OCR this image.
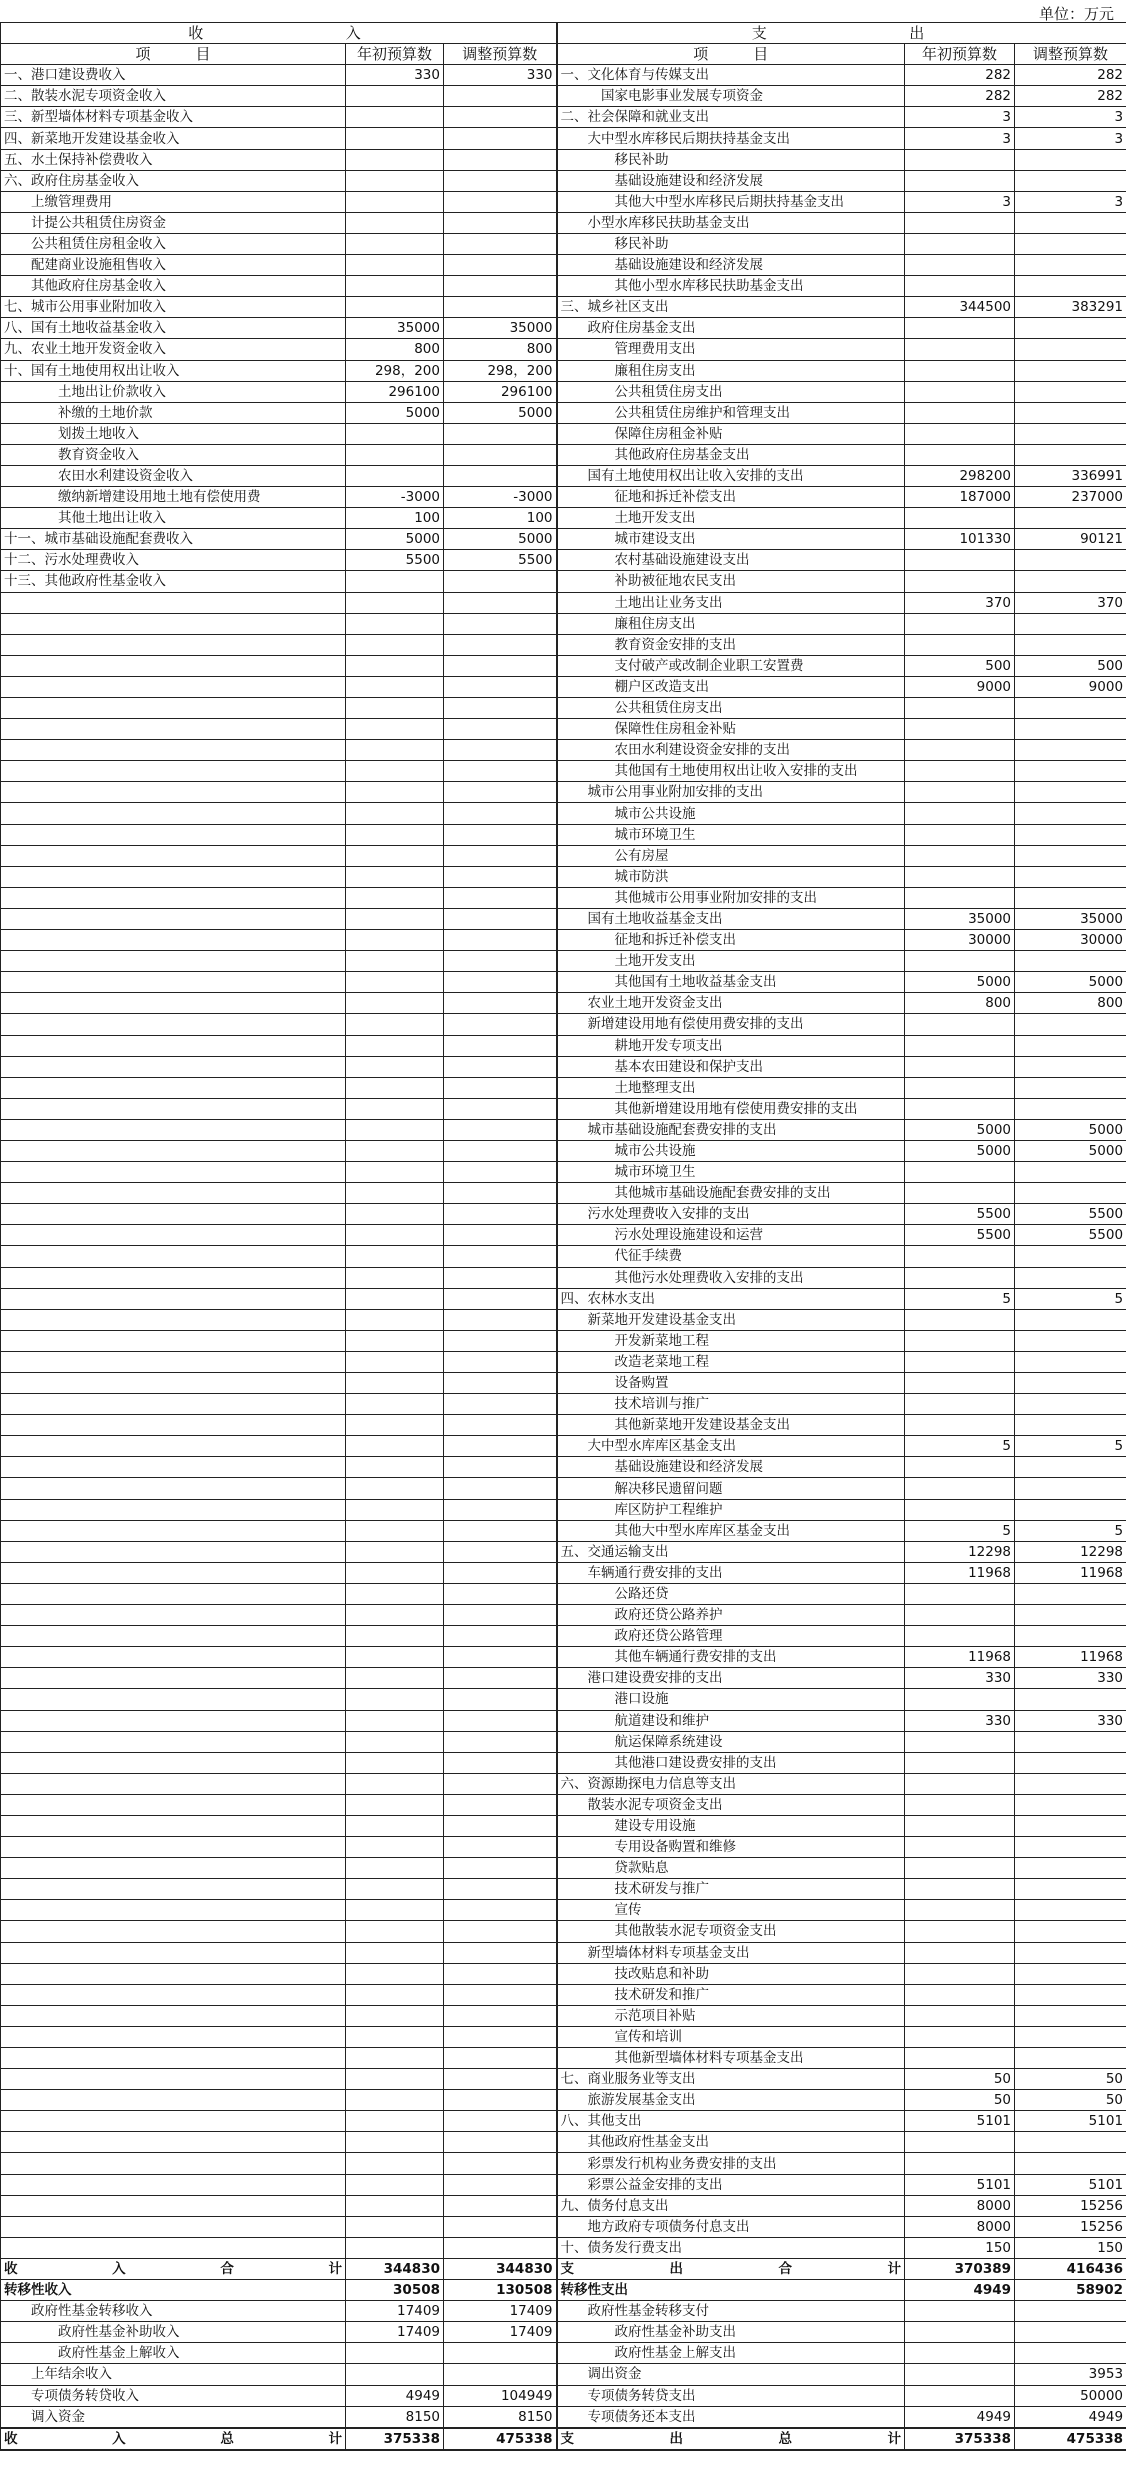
单位：万元
收　　　　　　入			支　　　　　　出		
项　　　目	年初预算数	调整预算数	项　　　目	年初预算数	调整预算数
一、港口建设费收入	330	330	一、文化体育与传媒支出	282	282
二、散装水泥专项资金收入			　　　国家电影事业发展专项资金	282	282
三、新型墙体材料专项基金收入			二、社会保障和就业支出	3	3
四、新菜地开发建设基金收入			　　大中型水库移民后期扶持基金支出	3	3
五、水土保持补偿费收入			　　　　移民补助		
六、政府住房基金收入			　　　　基础设施建设和经济发展		
　　上缴管理费用			　　　　其他大中型水库移民后期扶持基金支出	3	3
　　计提公共租赁住房资金			　　小型水库移民扶助基金支出		
　　公共租赁住房租金收入			　　　　移民补助		
　　配建商业设施租售收入			　　　　基础设施建设和经济发展		
　　其他政府住房基金收入			　　　　其他小型水库移民扶助基金支出		
七、城市公用事业附加收入			三、城乡社区支出	344500	383291
八、国有土地收益基金收入	35000	35000	　　政府住房基金支出		
九、农业土地开发资金收入	800	800	　　　　管理费用支出		
十、国有土地使用权出让收入	298，200	298，200	　　　　廉租住房支出		
　　　　土地出让价款收入	296100	296100	　　　　公共租赁住房支出		
　　　　补缴的土地价款	5000	5000	　　　　公共租赁住房维护和管理支出		
　　　　划拨土地收入			　　　　保障住房租金补贴		
　　　　教育资金收入			　　　　其他政府住房基金支出		
　　　　农田水利建设资金收入			　　国有土地使用权出让收入安排的支出	298200	336991
　　　　缴纳新增建设用地土地有偿使用费	-3000	-3000	　　　　征地和拆迁补偿支出	187000	237000
　　　　其他土地出让收入	100	100	　　　　土地开发支出		
十一、城市基础设施配套费收入	5000	5000	　　　　城市建设支出	101330	90121
十二、污水处理费收入	5500	5500	　　　　农村基础设施建设支出		
十三、其他政府性基金收入			　　　　补助被征地农民支出		
			　　　　土地出让业务支出	370	370
			　　　　廉租住房支出		
			　　　　教育资金安排的支出		
			　　　　支付破产或改制企业职工安置费	500	500
			　　　　棚户区改造支出	9000	9000
			　　　　公共租赁住房支出		
			　　　　保障性住房租金补贴		
			　　　　农田水利建设资金安排的支出		
			　　　　其他国有土地使用权出让收入安排的支出		
			　　城市公用事业附加安排的支出		
			　　　　城市公共设施		
			　　　　城市环境卫生		
			　　　　公有房屋		
			　　　　城市防洪		
			　　　　其他城市公用事业附加安排的支出		
			　　国有土地收益基金支出	35000	35000
			　　　　征地和拆迁补偿支出	30000	30000
			　　　　土地开发支出		
			　　　　其他国有土地收益基金支出	5000	5000
			　　农业土地开发资金支出	800	800
			　　新增建设用地有偿使用费安排的支出		
			　　　　耕地开发专项支出		
			　　　　基本农田建设和保护支出		
			　　　　土地整理支出		
			　　　　其他新增建设用地有偿使用费安排的支出		
			　　城市基础设施配套费安排的支出	5000	5000
			　　　　城市公共设施	5000	5000
			　　　　城市环境卫生		
			　　　　其他城市基础设施配套费安排的支出		
			　　污水处理费收入安排的支出	5500	5500
			　　　　污水处理设施建设和运营	5500	5500
			　　　　代征手续费		
			　　　　其他污水处理费收入安排的支出		
			四、农林水支出	5	5
			　　新菜地开发建设基金支出		
			　　　　开发新菜地工程		
			　　　　改造老菜地工程		
			　　　　设备购置		
			　　　　技术培训与推广		
			　　　　其他新菜地开发建设基金支出		
			　　大中型水库库区基金支出	5	5
			　　　　基础设施建设和经济发展		
			　　　　解决移民遗留问题		
			　　　　库区防护工程维护		
			　　　　其他大中型水库库区基金支出	5	5
			五、交通运输支出	12298	12298
			　　车辆通行费安排的支出	11968	11968
			　　　　公路还贷		
			　　　　政府还贷公路养护		
			　　　　政府还贷公路管理		
			　　　　其他车辆通行费安排的支出	11968	11968
			　　港口建设费安排的支出	330	330
			　　　　港口设施		
			　　　　航道建设和维护	330	330
			　　　　航运保障系统建设		
			　　　　其他港口建设费安排的支出		
			六、资源勘探电力信息等支出		
			　　散装水泥专项资金支出		
			　　　　建设专用设施		
			　　　　专用设备购置和维修		
			　　　　贷款贴息		
			　　　　技术研发与推广		
			　　　　宣传		
			　　　　其他散装水泥专项资金支出		
			　　新型墙体材料专项基金支出		
			　　　　技改贴息和补助		
			　　　　技术研发和推广		
			　　　　示范项目补贴		
			　　　　宣传和培训		
			　　　　其他新型墙体材料专项基金支出		
			七、商业服务业等支出	50	50
			　　旅游发展基金支出	50	50
			八、其他支出	5101	5101
			　　其他政府性基金支出		
			　　彩票发行机构业务费安排的支出		
			　　彩票公益金安排的支出	5101	5101
			九、债务付息支出	8000	15256
			　　地方政府专项债务付息支出	8000	15256
			十、债务发行费支出	150	150

收 入 合 计	344830	344830	支 出 合 计	370389	416436
转移性收入	30508	130508	转移性支出	4949	58902
　　政府性基金转移收入	17409	17409	　　政府性基金转移支付		
　　　　政府性基金补助收入	17409	17409	　　　　政府性基金补助支出		
　　　　政府性基金上解收入			　　　　政府性基金上解支出		
　　上年结余收入			　　调出资金		3953
　　专项债务转贷收入	4949	104949	　　专项债务转贷支出		50000
　　调入资金	8150	8150	　　专项债务还本支出	4949	4949

收 入 总 计	375338	475338	支 出 总 计	375338	475338
